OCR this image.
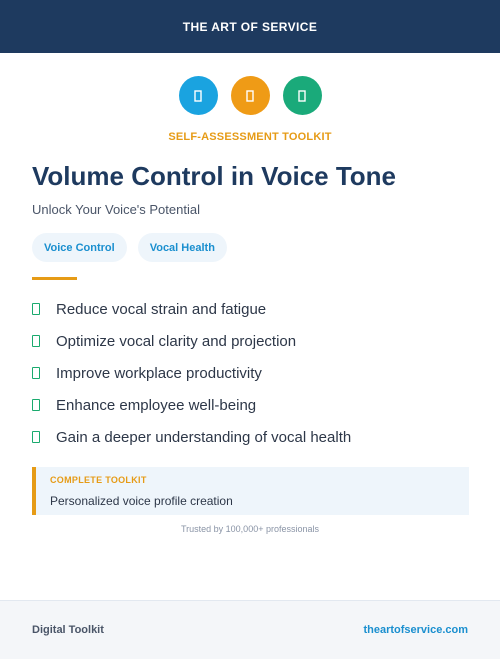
THE ART OF SERVICE
SELF-ASSESSMENT TOOLKIT
Volume Control in Voice Tone

Unlock Your Voice's Potential

Voice Control	Vocal Health
Reduce vocal strain and fatigue
Optimize vocal clarity and projection
Improve workplace productivity
Enhance employee well-being
Gain a deeper understanding of vocal health
COMPLETE TOOLKIT
Personalized voice profile creation

Trusted by 100,000+ professionals

Digital Toolkit	theartofservice.com
